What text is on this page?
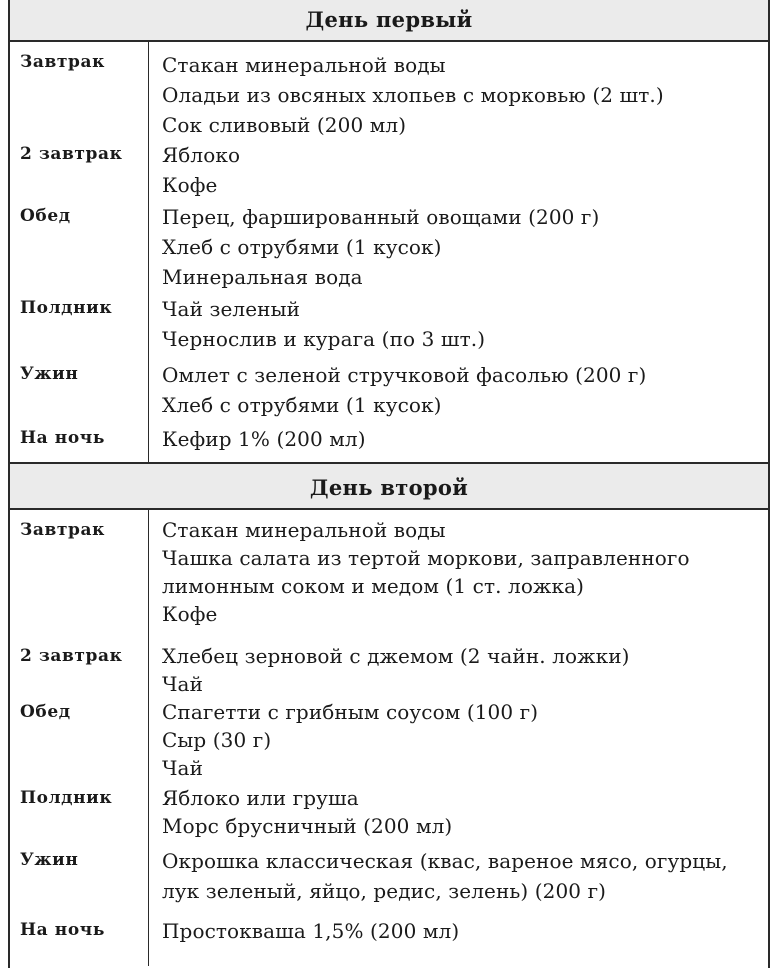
День первый
Завтрак	Стакан минеральной воды
Оладьи из овсяных хлопьев с морковью (2 шт.)
Сок сливовый (200 мл)
2 завтрак Яблоко
Кофе
Обед	Перец, фаршированный овощами (200 г)
Хлеб с отрубями (1 кусок)
Минеральная вода
Полдник Чай зеленый
Чернослив и курага (по 3 шт.)
Ужин	Омлет с зеленой стручковой фасолью (200 г)
Хлеб с отрубями (1 кусок)
На ночь	Кефир 1% (200 мл)
День второй
Завтрак	Стакан минеральной воды
Чашка салата из тертой моркови, заправленного
лимонным соком и медом (1 ст. ложка)
Кофе
2 завтрак Хлебец зерновой с джемом (2 чайн. ложки)
Чай
Обед	Спагетти с грибным соусом (100 г)
Сыр (30 г)
Чай
Полдник Яблоко или груша
Морс брусничный (200 мл)
Ужин	Окрошка классическая (квас, вареное мясо, огурцы,
лук зеленый, яйцо, редис, зелень) (200 г)
На ночь	Простокваша 1,5% (200 мл)
